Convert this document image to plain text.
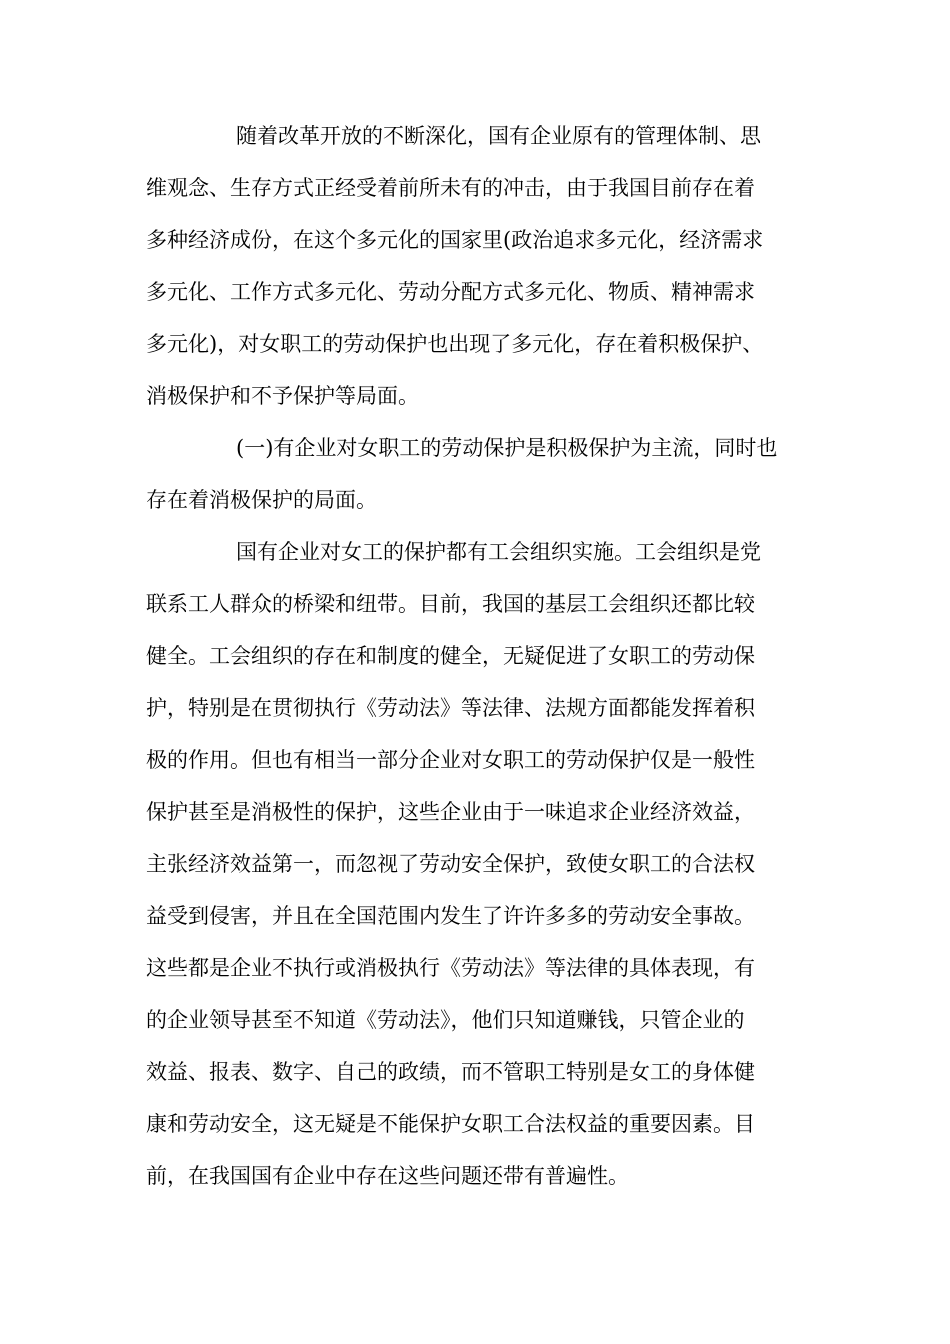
随着改革开放的不断深化，国有企业原有的管理体制、思

维观念、生存方式正经受着前所未有的冲击，由于我国目前存在着

多种经济成份，在这个多元化的国家里(政治追求多元化，经济需求

多元化、工作方式多元化、劳动分配方式多元化、物质、精神需求

多元化)，对女职工的劳动保护也出现了多元化，存在着积极保护、

消极保护和不予保护等局面。

(一)有企业对女职工的劳动保护是积极保护为主流，同时也

存在着消极保护的局面。

国有企业对女工的保护都有工会组织实施。工会组织是党

联系工人群众的桥梁和纽带。目前，我国的基层工会组织还都比较

健全。工会组织的存在和制度的健全，无疑促进了女职工的劳动保

护，特别是在贯彻执行《劳动法》等法律、法规方面都能发挥着积

极的作用。但也有相当一部分企业对女职工的劳动保护仅是一般性

保护甚至是消极性的保护，这些企业由于一味追求企业经济效益，

主张经济效益第一，而忽视了劳动安全保护，致使女职工的合法权

益受到侵害，并且在全国范围内发生了许许多多的劳动安全事故。

这些都是企业不执行或消极执行《劳动法》等法律的具体表现，有

的企业领导甚至不知道《劳动法》，他们只知道赚钱，只管企业的

效益、报表、数字、自己的政绩，而不管职工特别是女工的身体健

康和劳动安全，这无疑是不能保护女职工合法权益的重要因素。目

前，在我国国有企业中存在这些问题还带有普遍性。
